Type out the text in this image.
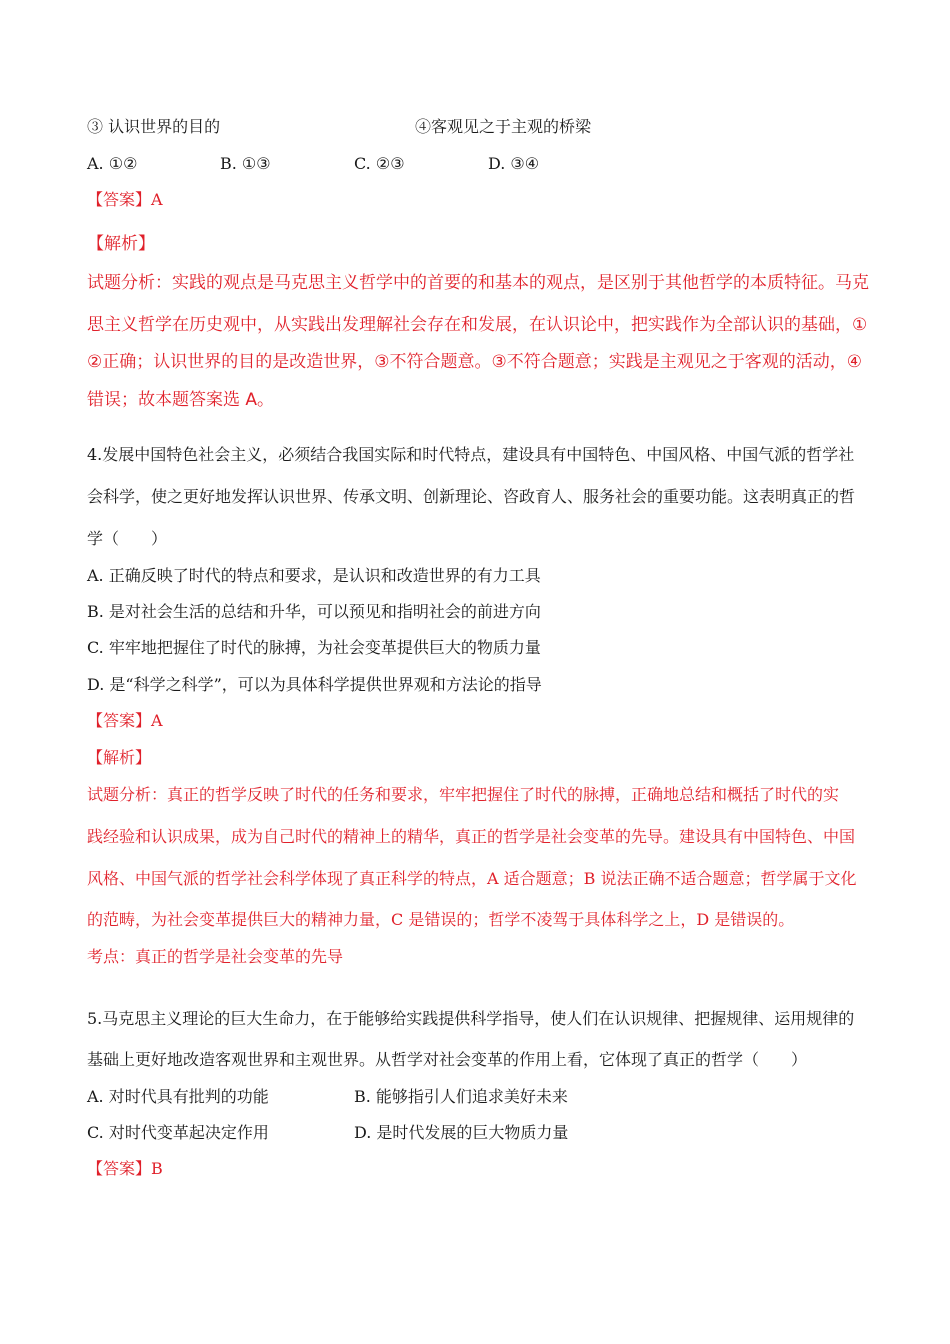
③ 认识世界的目的	④客观见之于主观的桥梁
A. ①②	B. ①③	C. ②③	D. ③④
【答案】A
【解析】
试题分析：实践的观点是马克思主义哲学中的首要的和基本的观点，是区别于其他哲学的本质特征。马克
思主义哲学在历史观中，从实践出发理解社会存在和发展，在认识论中，把实践作为全部认识的基础，①
②正确；认识世界的目的是改造世界，③不符合题意。③不符合题意；实践是主观见之于客观的活动，④
错误；故本题答案选 A。
4.发展中国特色社会主义，必须结合我国实际和时代特点，建设具有中国特色、中国风格、中国气派的哲学社
会科学，使之更好地发挥认识世界、传承文明、创新理论、咨政育人、服务社会的重要功能。这表明真正的哲
学（　　）
A. 正确反映了时代的特点和要求，是认识和改造世界的有力工具
B. 是对社会生活的总结和升华，可以预见和指明社会的前进方向
C. 牢牢地把握住了时代的脉搏，为社会变革提供巨大的物质力量
D. 是“科学之科学”，可以为具体科学提供世界观和方法论的指导
【答案】A
【解析】
试题分析：真正的哲学反映了时代的任务和要求，牢牢把握住了时代的脉搏，正确地总结和概括了时代的实
践经验和认识成果，成为自己时代的精神上的精华，真正的哲学是社会变革的先导。建设具有中国特色、中国
风格、中国气派的哲学社会科学体现了真正科学的特点，A 适合题意；B 说法正确不适合题意；哲学属于文化
的范畴，为社会变革提供巨大的精神力量，C 是错误的；哲学不凌驾于具体科学之上，D 是错误的。
考点：真正的哲学是社会变革的先导
5.马克思主义理论的巨大生命力，在于能够给实践提供科学指导，使人们在认识规律、把握规律、运用规律的
基础上更好地改造客观世界和主观世界。从哲学对社会变革的作用上看，它体现了真正的哲学（　　）
A. 对时代具有批判的功能	B. 能够指引人们追求美好未来
C. 对时代变革起决定作用	D. 是时代发展的巨大物质力量
【答案】B
